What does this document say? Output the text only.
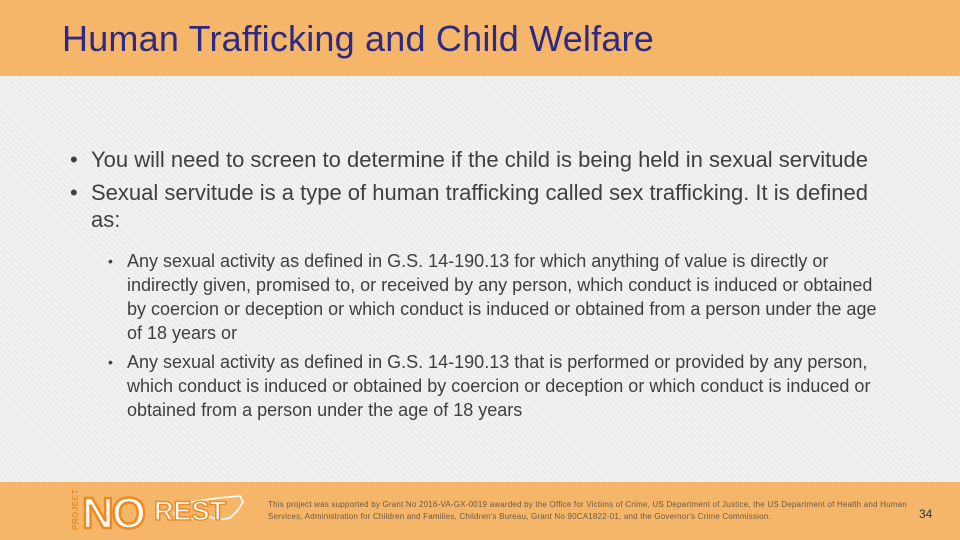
Human Trafficking and Child Welfare
• You will need to screen to determine if the child is being held in sexual servitude
• Sexual servitude is a type of human trafficking called sex trafficking. It is defined as:
• Any sexual activity as defined in G.S. 14-190.13 for which anything of value is directly or indirectly given, promised to, or received by any person, which conduct is induced or obtained by coercion or deception or which conduct is induced or obtained from a person under the age of 18 years or
• Any sexual activity as defined in G.S. 14-190.13 that is performed or provided by any person, which conduct is induced or obtained by coercion or deception or which conduct is induced or obtained from a person under the age of 18 years
PROJECT NO REST	This project was supported by Grant No 2016-VA-GX-0019 awarded by the Office for Victims of Crime, US Department of Justice, the US Department of Health and Human Services, Administration for Children and Families, Children's Bureau, Grant No 90CA1822-01, and the Governor's Crime Commission.	34
